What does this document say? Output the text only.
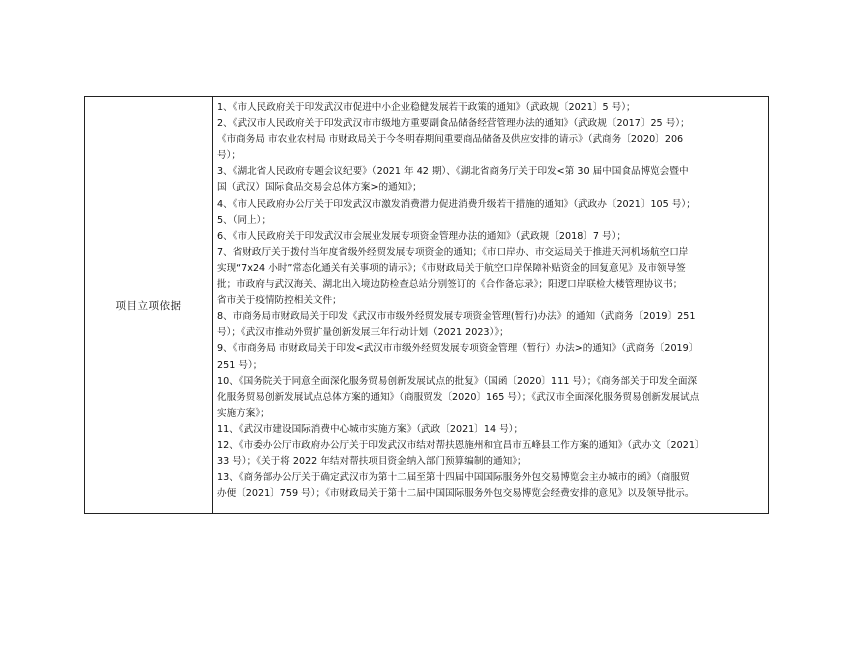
项目立项依据
1、《市人民政府关于印发武汉市促进中小企业稳健发展若干政策的通知》（武政规〔2021〕5 号）；
2、《武汉市人民政府关于印发武汉市市级地方重要副食品储备经营管理办法的通知》（武政规〔2017〕25 号）；
《市商务局 市农业农村局 市财政局关于今冬明春期间重要商品储备及供应安排的请示》（武商务〔2020〕206
号）；
3、《湖北省人民政府专题会议纪要》（2021 年 42 期）、《湖北省商务厅关于印发<第 30 届中国食品博览会暨中
国（武汉）国际食品交易会总体方案>的通知》；
4、《市人民政府办公厅关于印发武汉市激发消费潜力促进消费升级若干措施的通知》（武政办〔2021〕105 号）；
5、（同上）；
6、《市人民政府关于印发武汉市会展业发展专项资金管理办法的通知》（武政规〔2018〕7 号）；
7、省财政厅关于拨付当年度省级外经贸发展专项资金的通知；《市口岸办、市交运局关于推进天河机场航空口岸
实现“7x24 小时”常态化通关有关事项的请示》；《市财政局关于航空口岸保障补贴资金的回复意见》及市领导签
批；市政府与武汉海关、湖北出入境边防检查总站分别签订的《合作备忘录》；阳逻口岸联检大楼管理协议书；
省市关于疫情防控相关文件；
8、市商务局市财政局关于印发《武汉市市级外经贸发展专项资金管理(暂行)办法》的通知（武商务〔2019〕251
号）；《武汉市推动外贸扩量创新发展三年行动计划（2021 2023）》；
9、《市商务局 市财政局关于印发<武汉市市级外经贸发展专项资金管理（暂行）办法>的通知》（武商务〔2019〕
251 号）；
10、《国务院关于同意全面深化服务贸易创新发展试点的批复》（国函〔2020〕111 号）；《商务部关于印发全面深
化服务贸易创新发展试点总体方案的通知》（商服贸发〔2020〕165 号）；《武汉市全面深化服务贸易创新发展试点
实施方案》；
11、《武汉市建设国际消费中心城市实施方案》（武政〔2021〕14 号）；
12、《市委办公厅市政府办公厅关于印发武汉市结对帮扶恩施州和宜昌市五峰县工作方案的通知》（武办文〔2021〕
33 号）；《关于将 2022 年结对帮扶项目资金纳入部门预算编制的通知》；
13、《商务部办公厅关于确定武汉市为第十二届至第十四届中国国际服务外包交易博览会主办城市的函》（商服贸
办便〔2021〕759 号）；《市财政局关于第十二届中国国际服务外包交易博览会经费安排的意见》以及领导批示。
